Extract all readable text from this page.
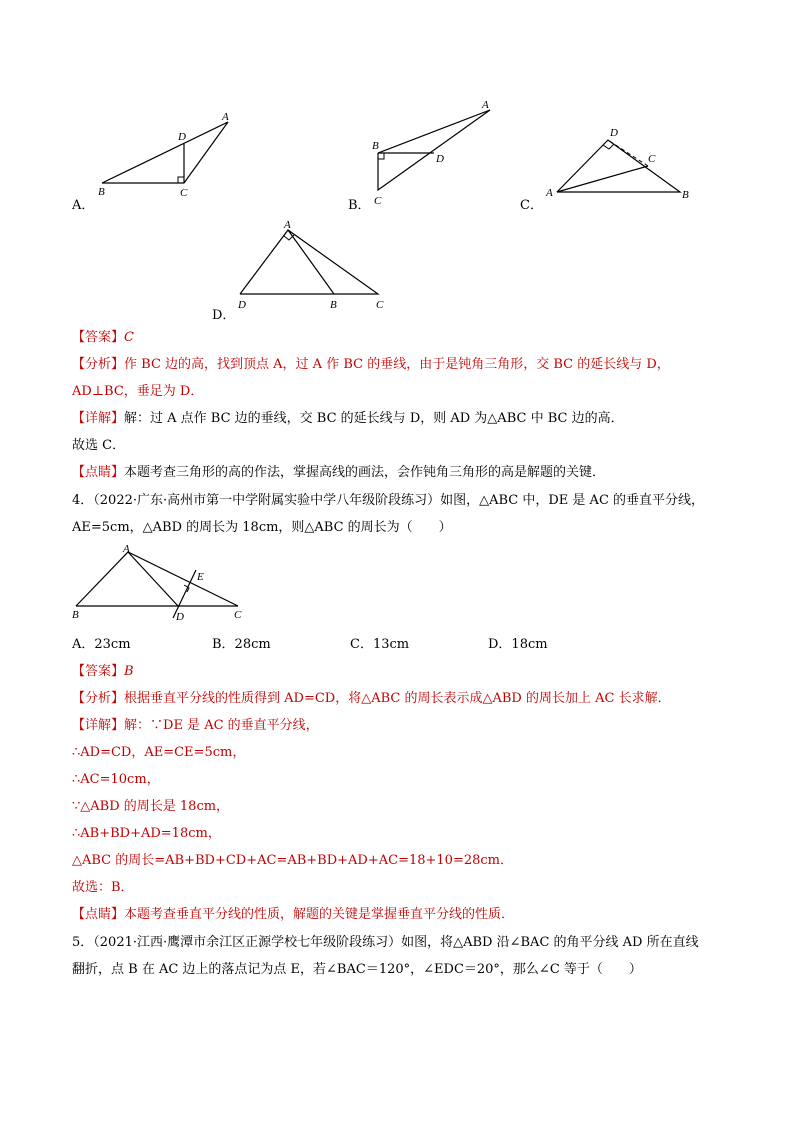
A
D
B	C
A．
A
B
D
C
B．
D
C
A	B
C．
A
D	B	C
D．
【答案】C
【分析】作 BC 边的高，找到顶点 A，过 A 作 BC 的垂线，由于是钝角三角形，交 BC 的延长线与 D，
AD⊥BC，垂足为 D．
【详解】解：过 A 点作 BC 边的垂线，交 BC 的延长线与 D，则 AD 为△ABC 中 BC 边的高．
故选 C．
【点睛】本题考查三角形的高的作法，掌握高线的画法，会作钝角三角形的高是解题的关键．
4．（2022·广东·高州市第一中学附属实验中学八年级阶段练习）如图，△ABC 中，DE 是 AC 的垂直平分线，
AE=5cm，△ABD 的周长为 18cm，则△ABC 的周长为（　　）
A
E
B	D	C
A．23cm	B．28cm	C．13cm	D．18cm
【答案】B
【分析】根据垂直平分线的性质得到 AD=CD，将△ABC 的周长表示成△ABD 的周长加上 AC 长求解．
【详解】解：∵DE 是 AC 的垂直平分线，
∴AD=CD，AE=CE=5cm，
∴AC=10cm，
∵△ABD 的周长是 18cm，
∴AB+BD+AD=18cm，
△ABC 的周长=AB+BD+CD+AC=AB+BD+AD+AC=18+10=28cm．
故选：B．
【点睛】本题考查垂直平分线的性质，解题的关键是掌握垂直平分线的性质．
5．（2021·江西·鹰潭市余江区正源学校七年级阶段练习）如图，将△ABD 沿∠BAC 的角平分线 AD 所在直线
翻折，点 B 在 AC 边上的落点记为点 E，若∠BAC＝120°，∠EDC＝20°，那么∠C 等于（　　）
